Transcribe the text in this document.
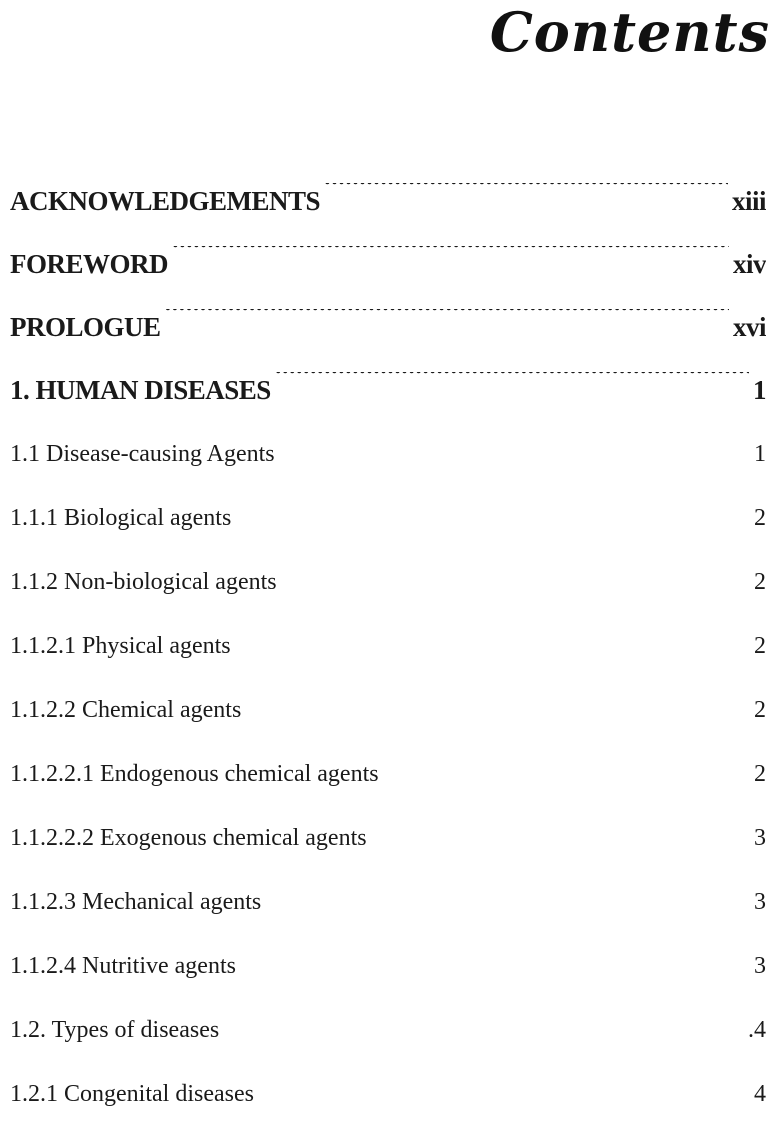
Contents
ACKNOWLEDGEMENTS . . .	xiii
FOREWORD . . .	xiv
PROLOGUE . . .	xvi
1. HUMAN DISEASES . . .	1
1.1 Disease-causing Agents . . .	1
1.1.1 Biological agents . . .	2
1.1.2 Non-biological agents . . .	2
1.1.2.1 Physical agents . . .	2
1.1.2.2 Chemical agents . . .	2
1.1.2.2.1 Endogenous chemical agents . . .	2
1.1.2.2.2 Exogenous chemical agents . . .	3
1.1.2.3 Mechanical agents . . .	3
1.1.2.4 Nutritive agents . . .	3
1.2. Types of diseases . . .	.4
1.2.1 Congenital diseases . . .	4
